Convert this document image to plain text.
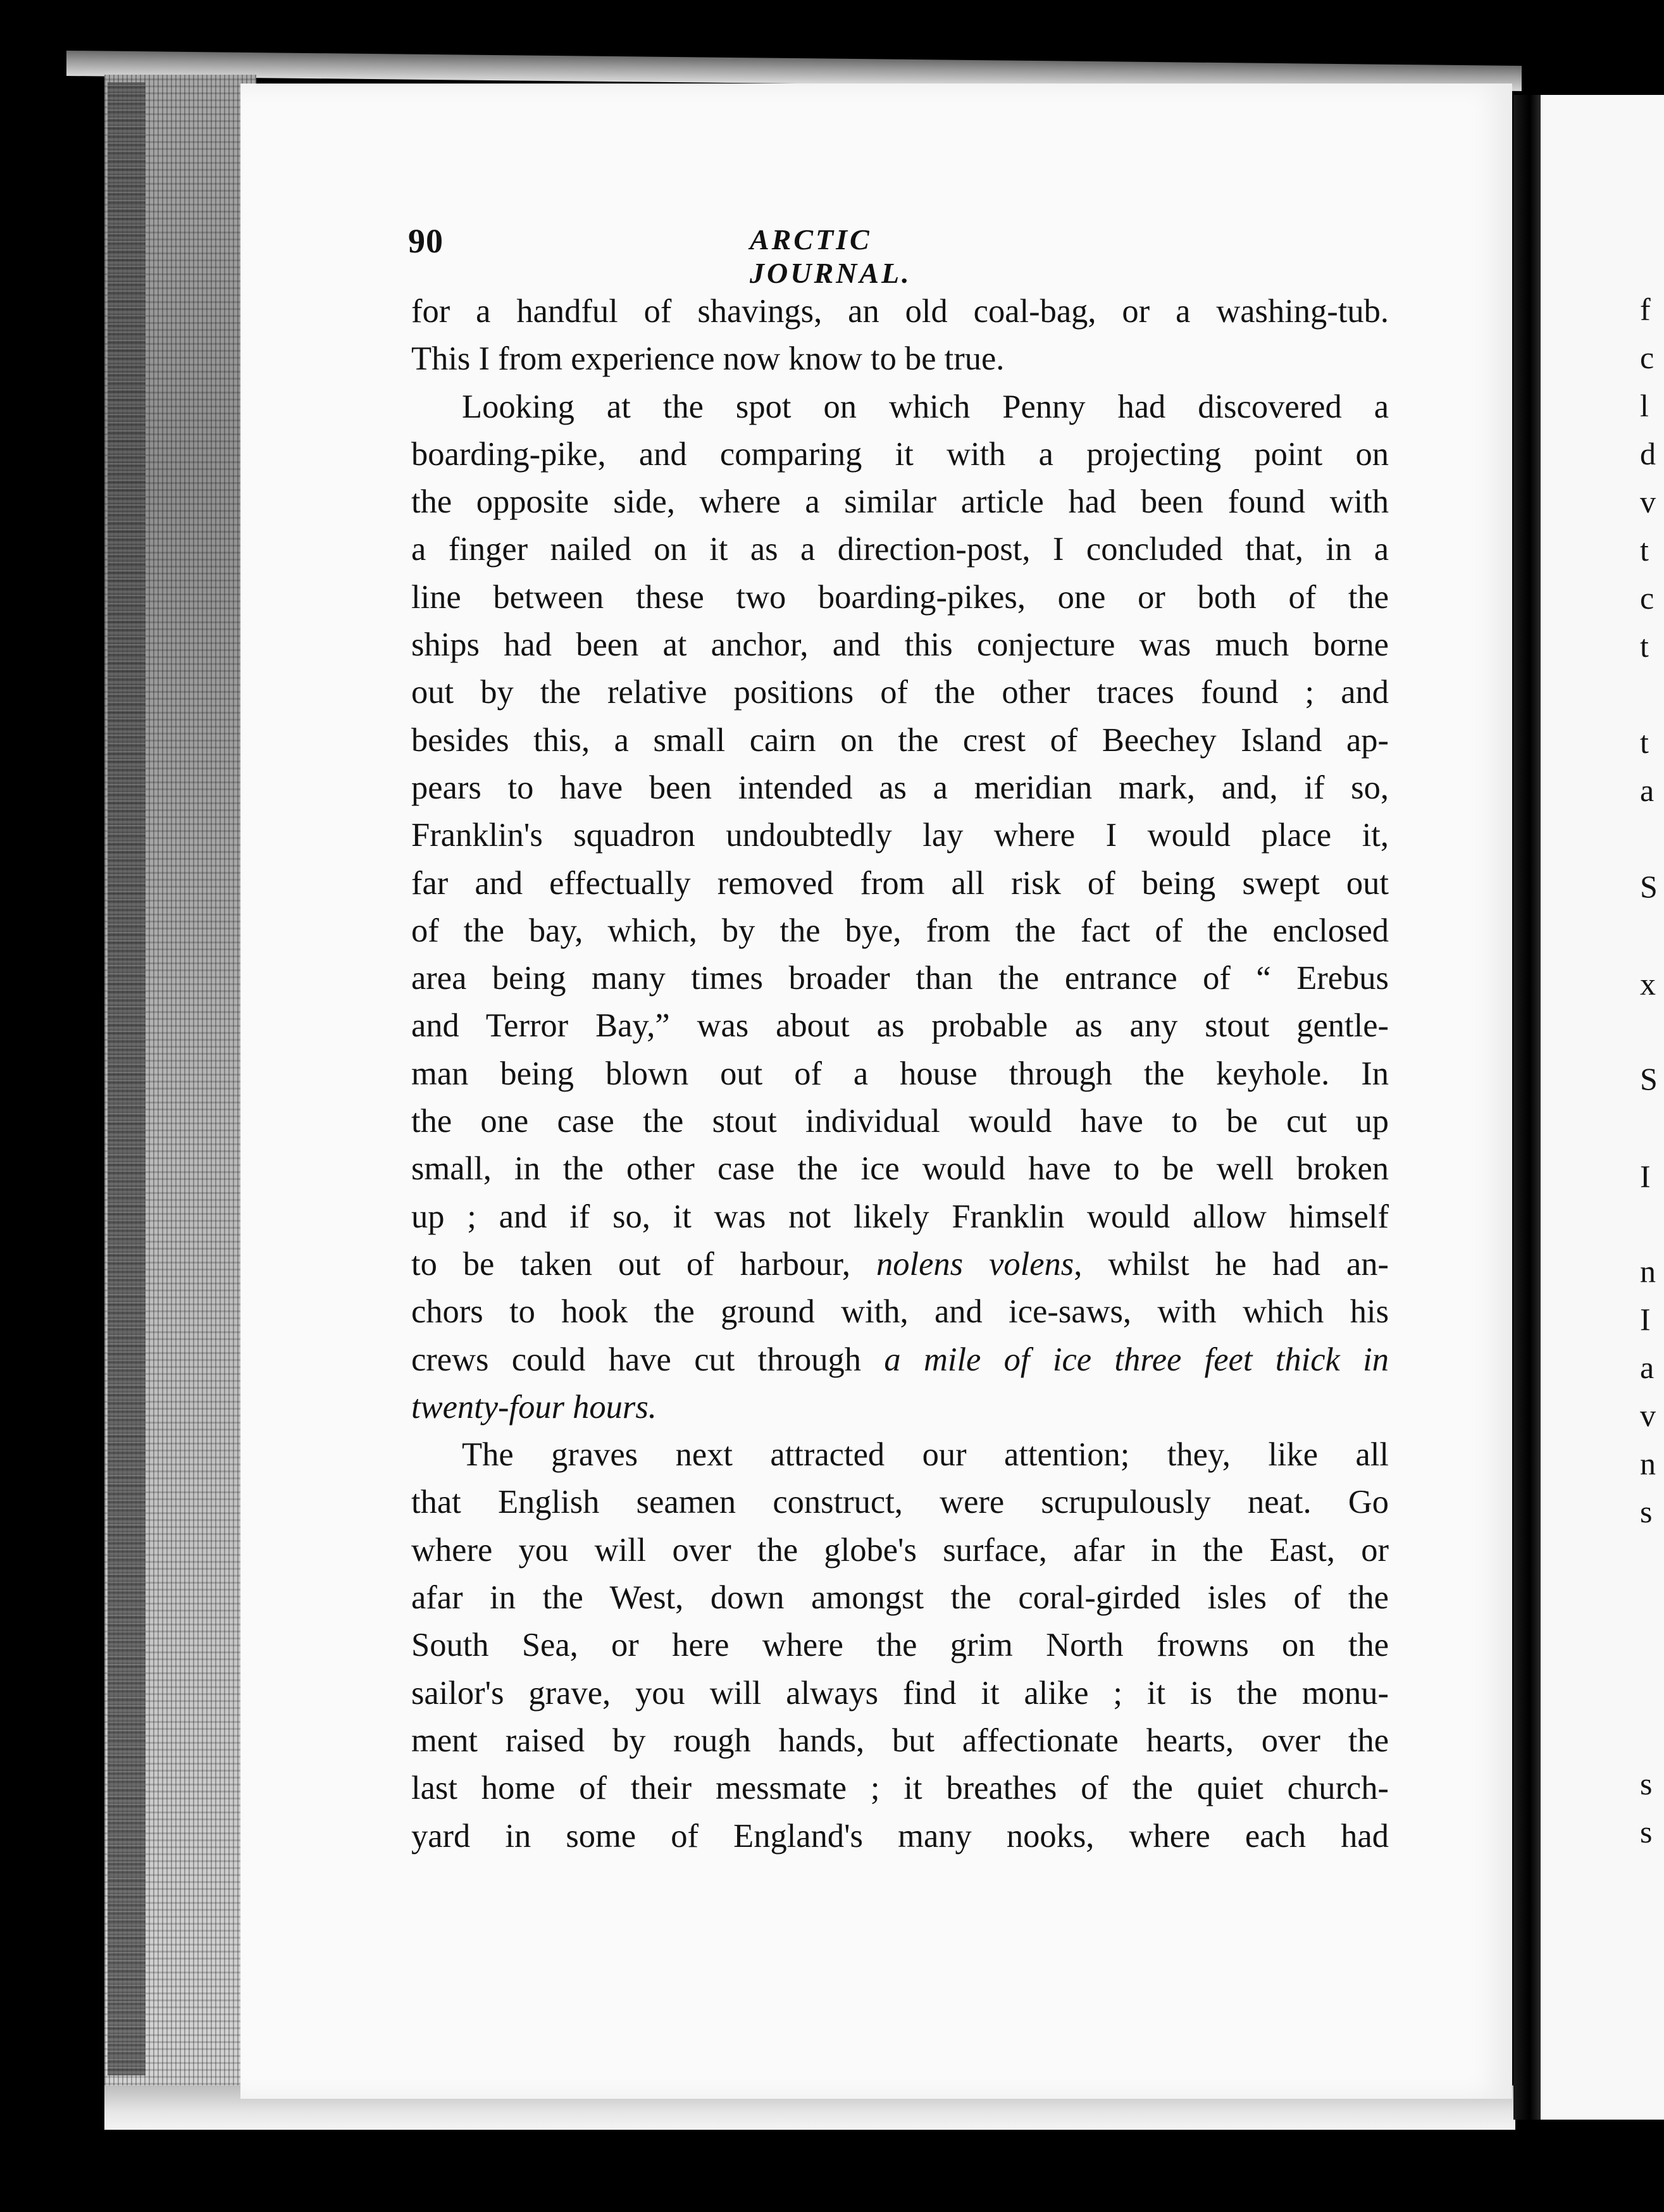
90	ARCTIC JOURNAL.
for a handful of shavings, an old coal-bag, or a washing-tub.
This I from experience now know to be true.
Looking at the spot on which Penny had discovered a
boarding-pike, and comparing it with a projecting point on
the opposite side, where a similar article had been found with
a finger nailed on it as a direction-post, I concluded that, in a
line between these two boarding-pikes, one or both of the
ships had been at anchor, and this conjecture was much borne
out by the relative positions of the other traces found ; and
besides this, a small cairn on the crest of Beechey Island ap-
pears to have been intended as a meridian mark, and, if so,
Franklin's squadron undoubtedly lay where I would place it,
far and effectually removed from all risk of being swept out
of the bay, which, by the bye, from the fact of the enclosed
area being many times broader than the entrance of “ Erebus
and Terror Bay,” was about as probable as any stout gentle-
man being blown out of a house through the keyhole. In
the one case the stout individual would have to be cut up
small, in the other case the ice would have to be well broken
up ; and if so, it was not likely Franklin would allow himself
to be taken out of harbour, nolens volens, whilst he had an-
chors to hook the ground with, and ice-saws, with which his
crews could have cut through a mile of ice three feet thick in
twenty-four hours.
The graves next attracted our attention; they, like all
that English seamen construct, were scrupulously neat. Go
where you will over the globe's surface, afar in the East, or
afar in the West, down amongst the coral-girded isles of the
South Sea, or here where the grim North frowns on the
sailor's grave, you will always find it alike ; it is the monu-
ment raised by rough hands, but affectionate hearts, over the
last home of their messmate ; it breathes of the quiet church-
yard in some of England's many nooks, where each had
f
c
l
d
v
t
c
t
t
a
S
x
S
I
n
I
a
v
n
s
s
s
